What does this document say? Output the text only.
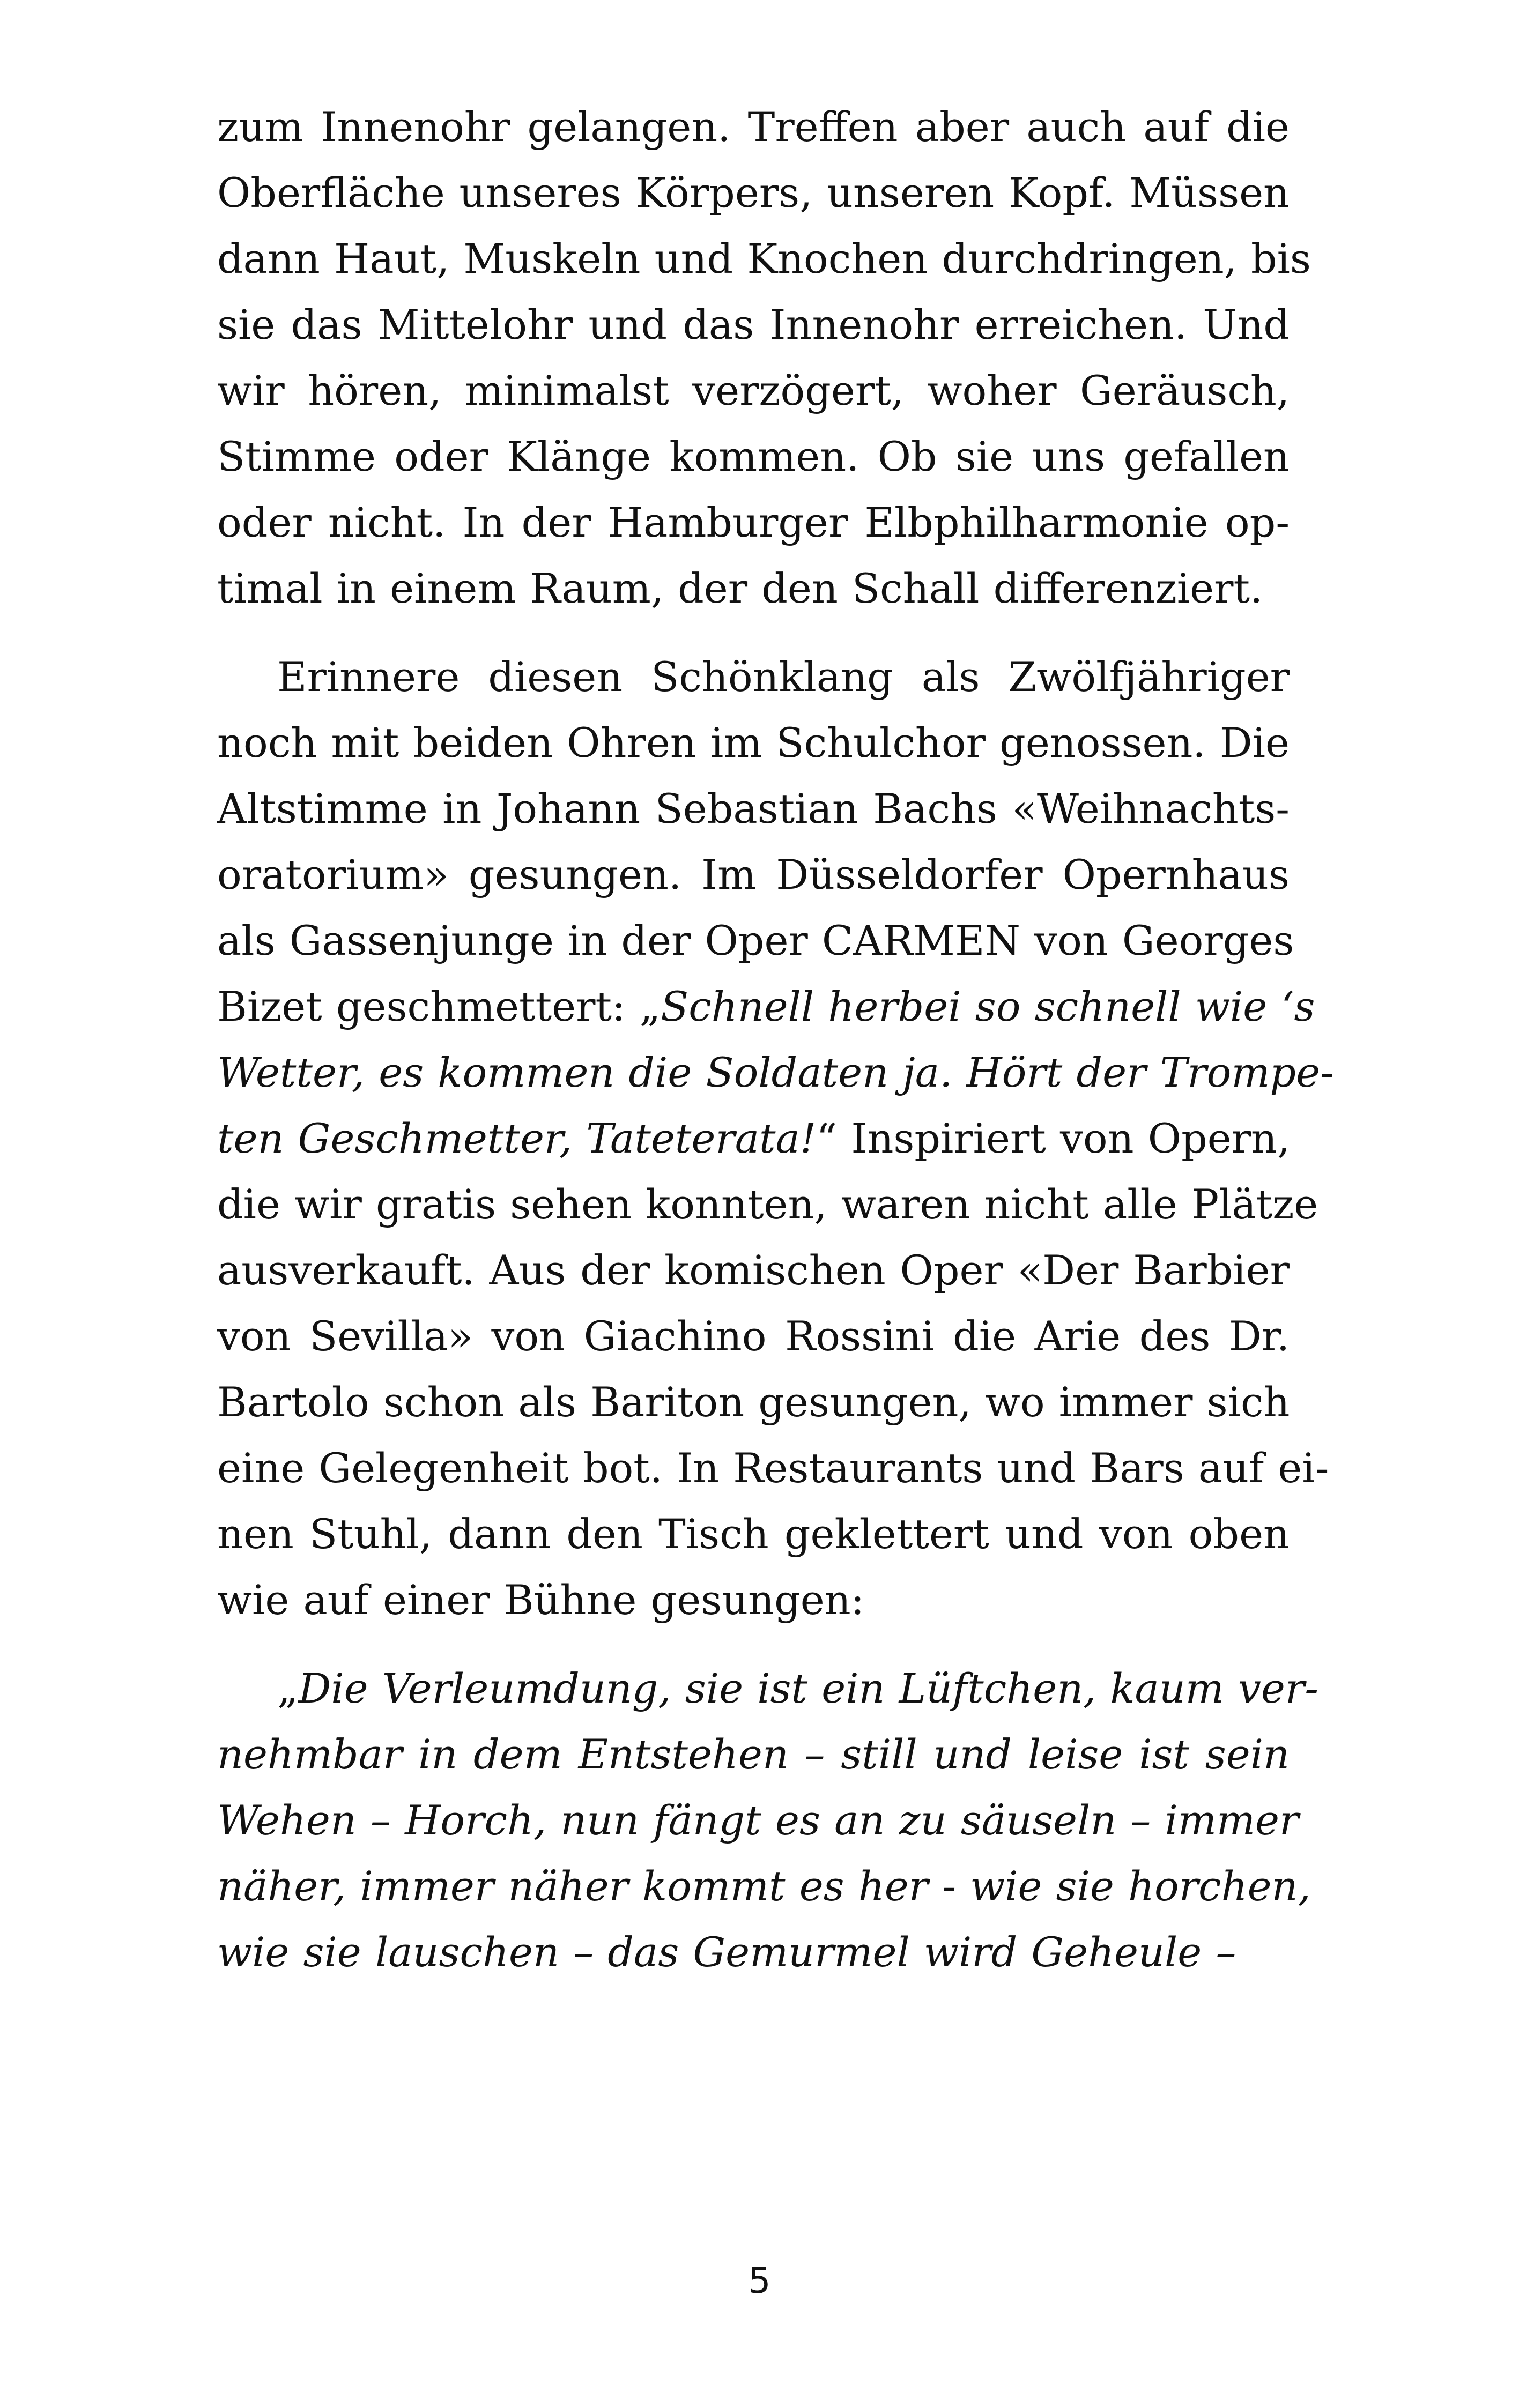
zum Innenohr gelangen. Treffen aber auch auf die
Oberfläche unseres Körpers, unseren Kopf. Müssen
dann Haut, Muskeln und Knochen durchdringen, bis
sie das Mittelohr und das Innenohr erreichen. Und
wir hören, minimalst verzögert, woher Geräusch,
Stimme oder Klänge kommen. Ob sie uns gefallen
oder nicht. In der Hamburger Elbphilharmonie op-
timal in einem Raum, der den Schall differenziert.

Erinnere diesen Schönklang als Zwölfjähriger
noch mit beiden Ohren im Schulchor genossen. Die
Altstimme in Johann Sebastian Bachs «Weihnachts-
oratorium» gesungen. Im Düsseldorfer Opernhaus
als Gassenjunge in der Oper CARMEN von Georges
Bizet geschmettert: „Schnell herbei so schnell wie ‘s
Wetter, es kommen die Soldaten ja. Hört der Trompe-
ten Geschmetter, Tateterata!“ Inspiriert von Opern,
die wir gratis sehen konnten, waren nicht alle Plätze
ausverkauft. Aus der komischen Oper «Der Barbier
von Sevilla» von Giachino Rossini die Arie des Dr.
Bartolo schon als Bariton gesungen, wo immer sich
eine Gelegenheit bot. In Restaurants und Bars auf ei-
nen Stuhl, dann den Tisch geklettert und von oben
wie auf einer Bühne gesungen:

„Die Verleumdung, sie ist ein Lüftchen, kaum ver-
nehmbar in dem Entstehen – still und leise ist sein
Wehen – Horch, nun fängt es an zu säuseln – immer
näher, immer näher kommt es her - wie sie horchen,
wie sie lauschen – das Gemurmel wird Geheule –

5
